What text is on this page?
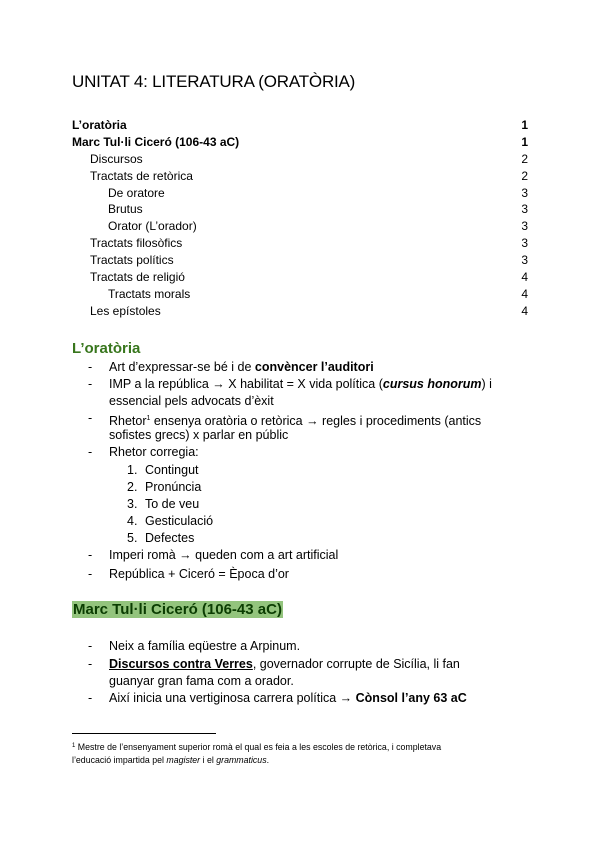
UNITAT 4: LITERATURA (ORATÒRIA)
L’oratòria	1
Marc Tul·li Ciceró (106-43 aC)	1
Discursos	2
Tractats de retòrica	2
De oratore	3
Brutus	3
Orator (L’orador)	3
Tractats filosòfics	3
Tractats polítics	3
Tractats de religió	4
Tractats morals	4
Les epístoles	4
L’oratòria
- Art d’expressar-se bé i de convèncer l’auditori
- IMP a la república → X habilitat = X vida política (cursus honorum) i
essencial pels advocats d’èxit
- Rhetor$^1$ ensenya oratòria o retòrica → regles i procediments (antics
sofistes grecs) x parlar en públic
- Rhetor corregia:
1. Contingut
2. Pronúncia
3. To de veu
4. Gesticulació
5. Defectes
- Imperi romà → queden com a art artificial
- República + Ciceró = Època d’or
Marc Tul·li Ciceró (106-43 aC)
- Neix a família eqüestre a Arpinum.
- Discursos contra Verres, governador corrupte de Sicília, li fan
guanyar gran fama com a orador.
- Així inicia una vertiginosa carrera política → Cònsol l’any 63 aC
$^1$ Mestre de l’ensenyament superior romà el qual es feia a les escoles de retòrica, i completava
l’educació impartida pel magister i el grammaticus.
